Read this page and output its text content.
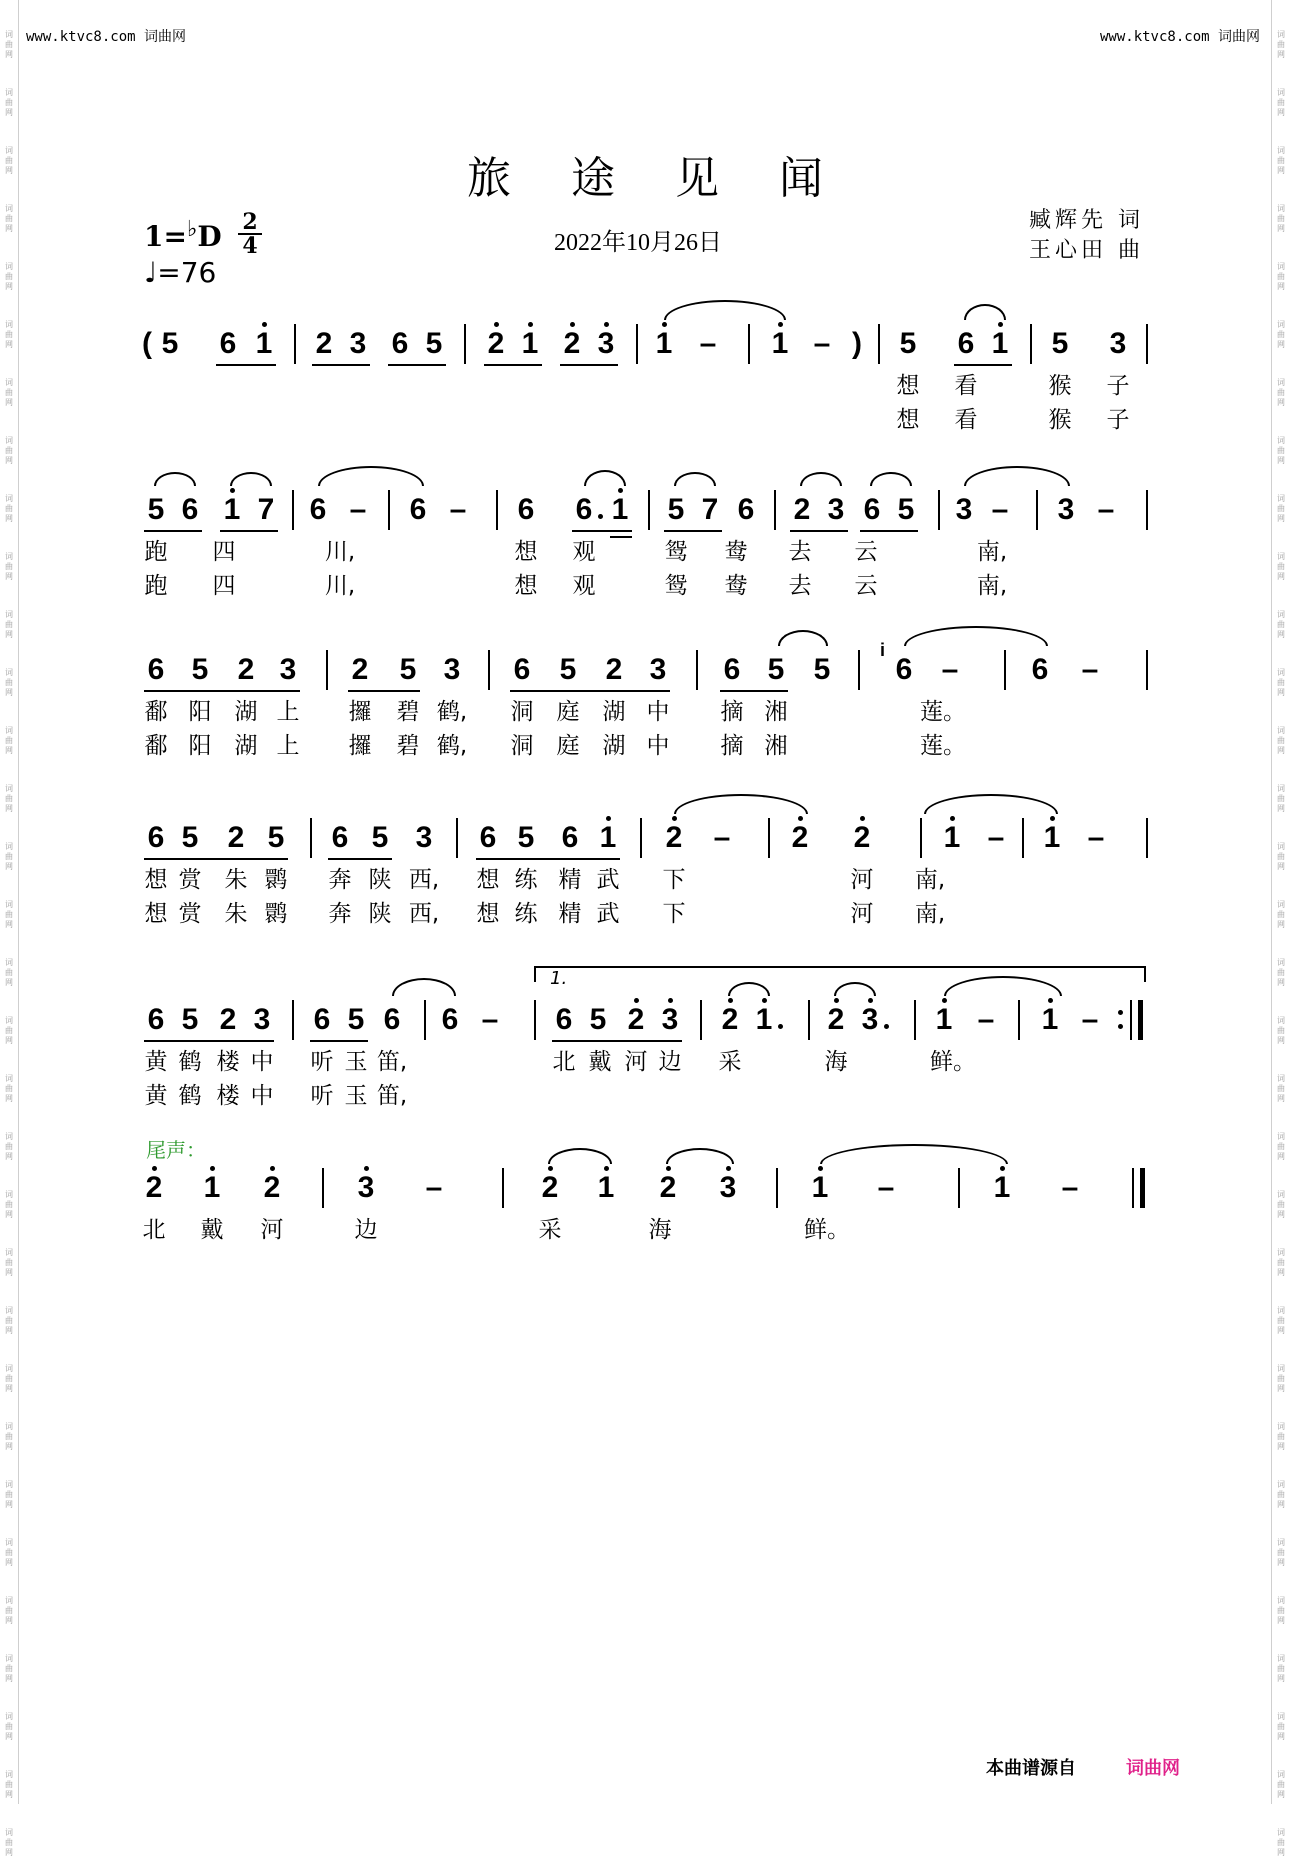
词
曲
网
词
曲
网
词
曲
网
词
曲
网
词
曲
网
词
曲
网
词
曲
网
词
曲
网
词
曲
网
词
曲
网
词
曲
网
词
曲
网
词
曲
网
词
曲
网
词
曲
网
词
曲
网
词
曲
网
词
曲
网
词
曲
网
词
曲
网
词
曲
网
词
曲
网
词
曲
网
词
曲
网
词
曲
网
词
曲
网
词
曲
网
词
曲
网
词
曲
网
词
曲
网
词
曲
网
词
曲
网
词
曲
网
词
曲
网
词
曲
网
词
曲
网
词
曲
网
词
曲
网
词
曲
网
词
曲
网
词
曲
网
词
曲
网
词
曲
网
词
曲
网
词
曲
网
词
曲
网
词
曲
网
词
曲
网
词
曲
网
词
曲
网
词
曲
网
词
曲
网
词
曲
网
词
曲
网
词
曲
网
词
曲
网
词
曲
网
词
曲
网
词
曲
网
词
曲
网
词
曲
网
词
曲
网
词
曲
网
词
曲
网
www.ktvc8.com 词曲网	www.ktvc8.com 词曲网
旅途见闻
1=♭D 2
4
♩=76
2022年10月26日
臧辉先 词
王心田 曲
尾声：
1.
i
( 5 6 1 2 3 6 5 2 1 2 3 1 – 1 – )	5 6 1 5 3
想
想
看
看
猴
猴
子
子
5 6 1 7 6 – 6 – 6 6 1 5 7 6 2 3 6 5 3 – 3 –
跑
跑
四
四
川,
川,
想
想
观
观
鸳
鸳
鸯
鸯
去
去
云
云
南,
南,
6 5 2 3 2 5 3 6 5 2 3 6 5 5 6 – 6 –
鄱
鄱
阳
阳
湖
湖
上
上
攞
攞
碧
碧
鹤,
鹤,
洞
洞
庭
庭
湖
湖
中
中
摘
摘
湘
湘
莲。
莲。
6 5 2 5 6 5 3 6 5 6 1 2 – 2 2 1 – 1 –
想
想
赏
赏
朱
朱
鹮
鹮
奔
奔
陕
陕
西,
西,
想
想
练
练
精
精
武
武
下
下
河
河
南,
南,
6 5 2 3 6 5 6 6 – 6 5 2 3 2 1 2 3 1 – 1 –
黄
黄
鹤
鹤
楼
楼
中
中
听
听
玉
玉
笛,
笛,
北 戴 河 边	采	海	鲜。
2 1 2	3 –	2 1 2 3	1 –	1 –
北	戴	河	边	采	海	鲜。
本曲谱源自	词曲网
